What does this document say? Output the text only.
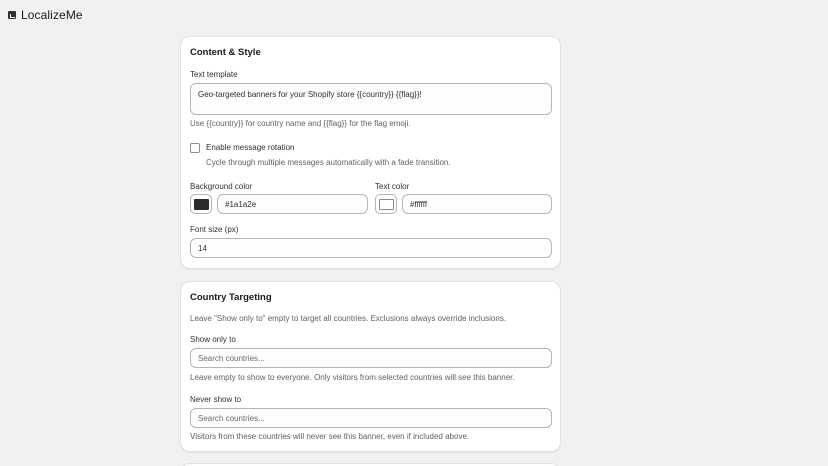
LocalizeMe
Content & Style
Text template
Geo-targeted banners for your Shopify store {{country}} {{flag}}!
Use {{country}} for country name and {{flag}} for the flag emoji.
Enable message rotation
Cycle through multiple messages automatically with a fade transition.
Background color
#1a1a2e
Text color
#ffffff
Font size (px)
14
Country Targeting
Leave "Show only to" empty to target all countries. Exclusions always override inclusions.
Show only to
Search countries...
Leave empty to show to everyone. Only visitors from selected countries will see this banner.
Never show to
Search countries...
Visitors from these countries will never see this banner, even if included above.
